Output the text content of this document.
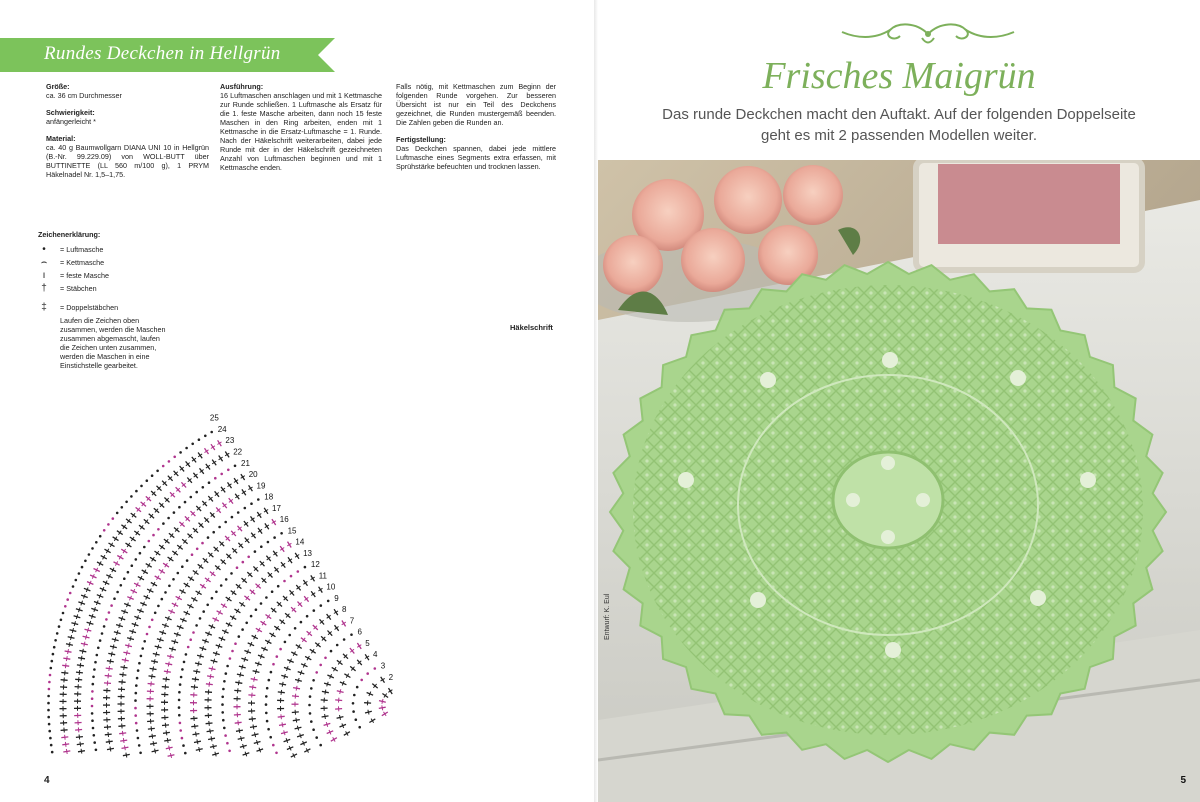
Rundes Deckchen in Hellgrün
Größe:

ca. 36 cm Durchmesser

Schwierigkeit:

anfängerleicht *

Material:

ca. 40 g Baumwollgarn DIANA UNI 10 in Hellgrün (B.-Nr. 99.229.09) von WOLL-BUTT über BUTTINETTE (LL 560 m/100 g), 1 PRYM Häkelnadel Nr. 1,5–1,75.

Ausführung:

16 Luftmaschen anschlagen und mit 1 Kettmasche zur Runde schließen. 1 Luftmasche als Ersatz für die 1. feste Masche arbeiten, dann noch 15 feste Maschen in den Ring arbeiten, enden mit 1 Kettmasche in die Ersatz-Luftmasche = 1. Runde. Nach der Häkelschrift weiterarbeiten, dabei jede Runde mit der in der Häkelschrift gezeichneten Anzahl von Luftmaschen beginnen und mit 1 Kettmasche enden.

Falls nötig, mit Kettmaschen zum Beginn der folgenden Runde vorgehen. Zur besseren Übersicht ist nur ein Teil des Deckchens gezeichnet, die Runden mustergemäß beenden. Die Zahlen geben die Runden an.

Fertigstellung:

Das Deckchen spannen, dabei jede mittlere Luftmasche eines Segments extra erfassen, mit Sprühstärke befeuchten und trocknen lassen.

Zeichenerklärung:
•	= Luftmasche
⌢	= Kettmasche
ı	= feste Masche
†	= Stäbchen
‡	= Doppelstäbchen
Laufen die Zeichen oben zusammen, werden die Maschen zusammen abgemascht, laufen die Zeichen unten zusammen, werden die Maschen in eine Einstichstelle gearbeitet.
Häkelschrift
25
24
23
22
21
20
19
18
17
16
15
14
13
12
11
10
9
8
7
6
5
4
3
2
4
Frisches Maigrün
Das runde Deckchen macht den Auftakt. Auf der folgenden Doppelseite
geht es mit 2 passenden Modellen weiter.
Entwurf: K. Eul
5
